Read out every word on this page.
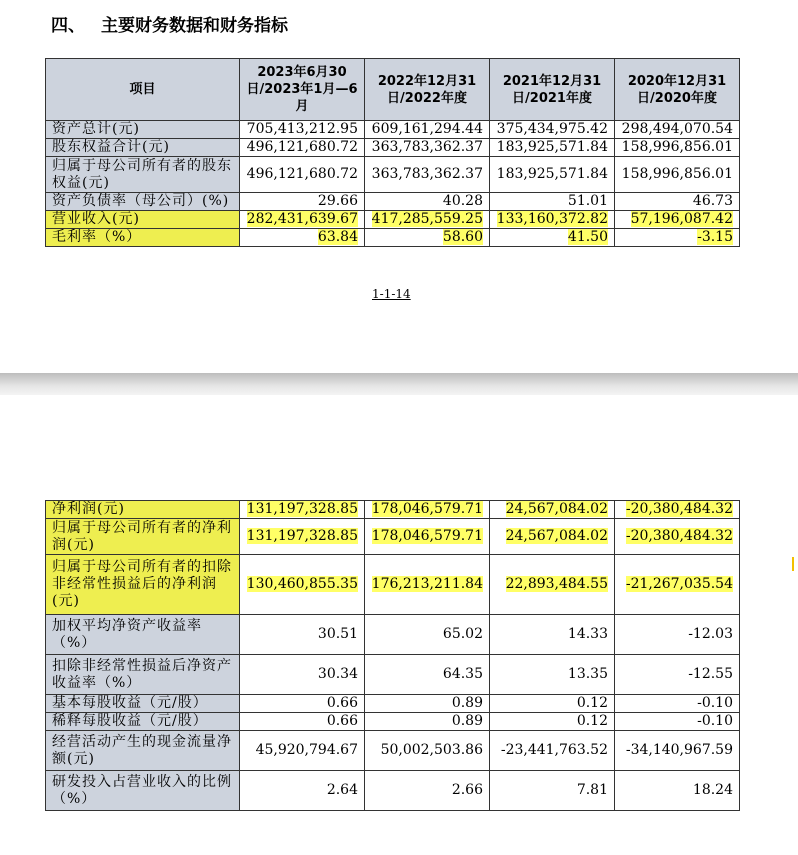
四、 主要财务数据和财务指标
项目	2023年6月30日/2023年1月—6月	2022年12月31日/2022年度	2021年12月31日/2021年度	2020年12月31日/2020年度
资产总计(元)	705,413,212.95	609,161,294.44	375,434,975.42	298,494,070.54
股东权益合计(元)	496,121,680.72	363,783,362.37	183,925,571.84	158,996,856.01
归属于母公司所有者的股东权益(元)	496,121,680.72	363,783,362.37	183,925,571.84	158,996,856.01
资产负债率（母公司）(%)	29.66	40.28	51.01	46.73
营业收入(元)	282,431,639.67	417,285,559.25	133,160,372.82	57,196,087.42
毛利率（%）	63.84	58.60	41.50	-3.15
1-1-14
净利润(元)	131,197,328.85	178,046,579.71	24,567,084.02	-20,380,484.32
归属于母公司所有者的净利润(元)	131,197,328.85	178,046,579.71	24,567,084.02	-20,380,484.32
归属于母公司所有者的扣除非经常性损益后的净利润(元)	130,460,855.35	176,213,211.84	22,893,484.55	-21,267,035.54
加权平均净资产收益率（%）	30.51	65.02	14.33	-12.03
扣除非经常性损益后净资产收益率（%）	30.34	64.35	13.35	-12.55
基本每股收益（元/股）	0.66	0.89	0.12	-0.10
稀释每股收益（元/股）	0.66	0.89	0.12	-0.10
经营活动产生的现金流量净额(元)	45,920,794.67	50,002,503.86	-23,441,763.52	-34,140,967.59
研发投入占营业收入的比例（%）	2.64	2.66	7.81	18.24
